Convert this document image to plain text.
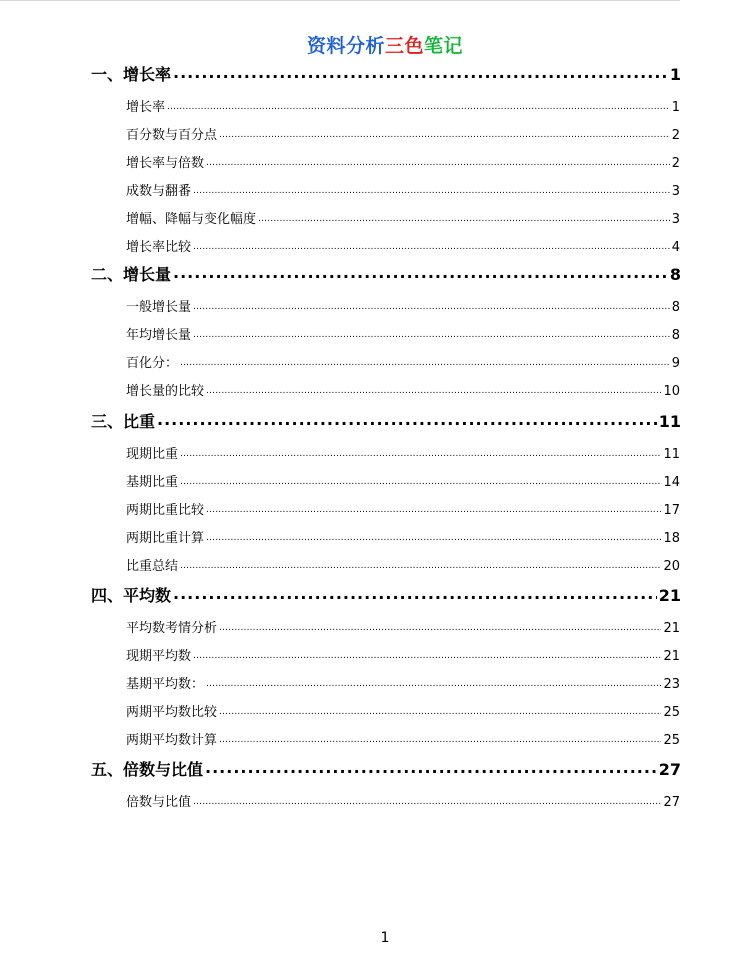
资料分析三色笔记
一、增长率 .....	1
增长率 .....	1
百分数与百分点 .....	2
增长率与倍数 .....	2
成数与翻番 .....	3
增幅、降幅与变化幅度 .....	3
增长率比较 .....	4
二、增长量 .....	8
一般增长量 .....	8
年均增长量 .....	8
百化分： .....	9
增长量的比较 .....	10
三、比重 .....	11
现期比重 .....	11
基期比重 .....	14
两期比重比较 .....	17
两期比重计算 .....	18
比重总结 .....	20
四、平均数 .....	21
平均数考情分析 .....	21
现期平均数 .....	21
基期平均数： .....	23
两期平均数比较 .....	25
两期平均数计算 .....	25
五、倍数与比值 .....	27
倍数与比值 .....	27
1
